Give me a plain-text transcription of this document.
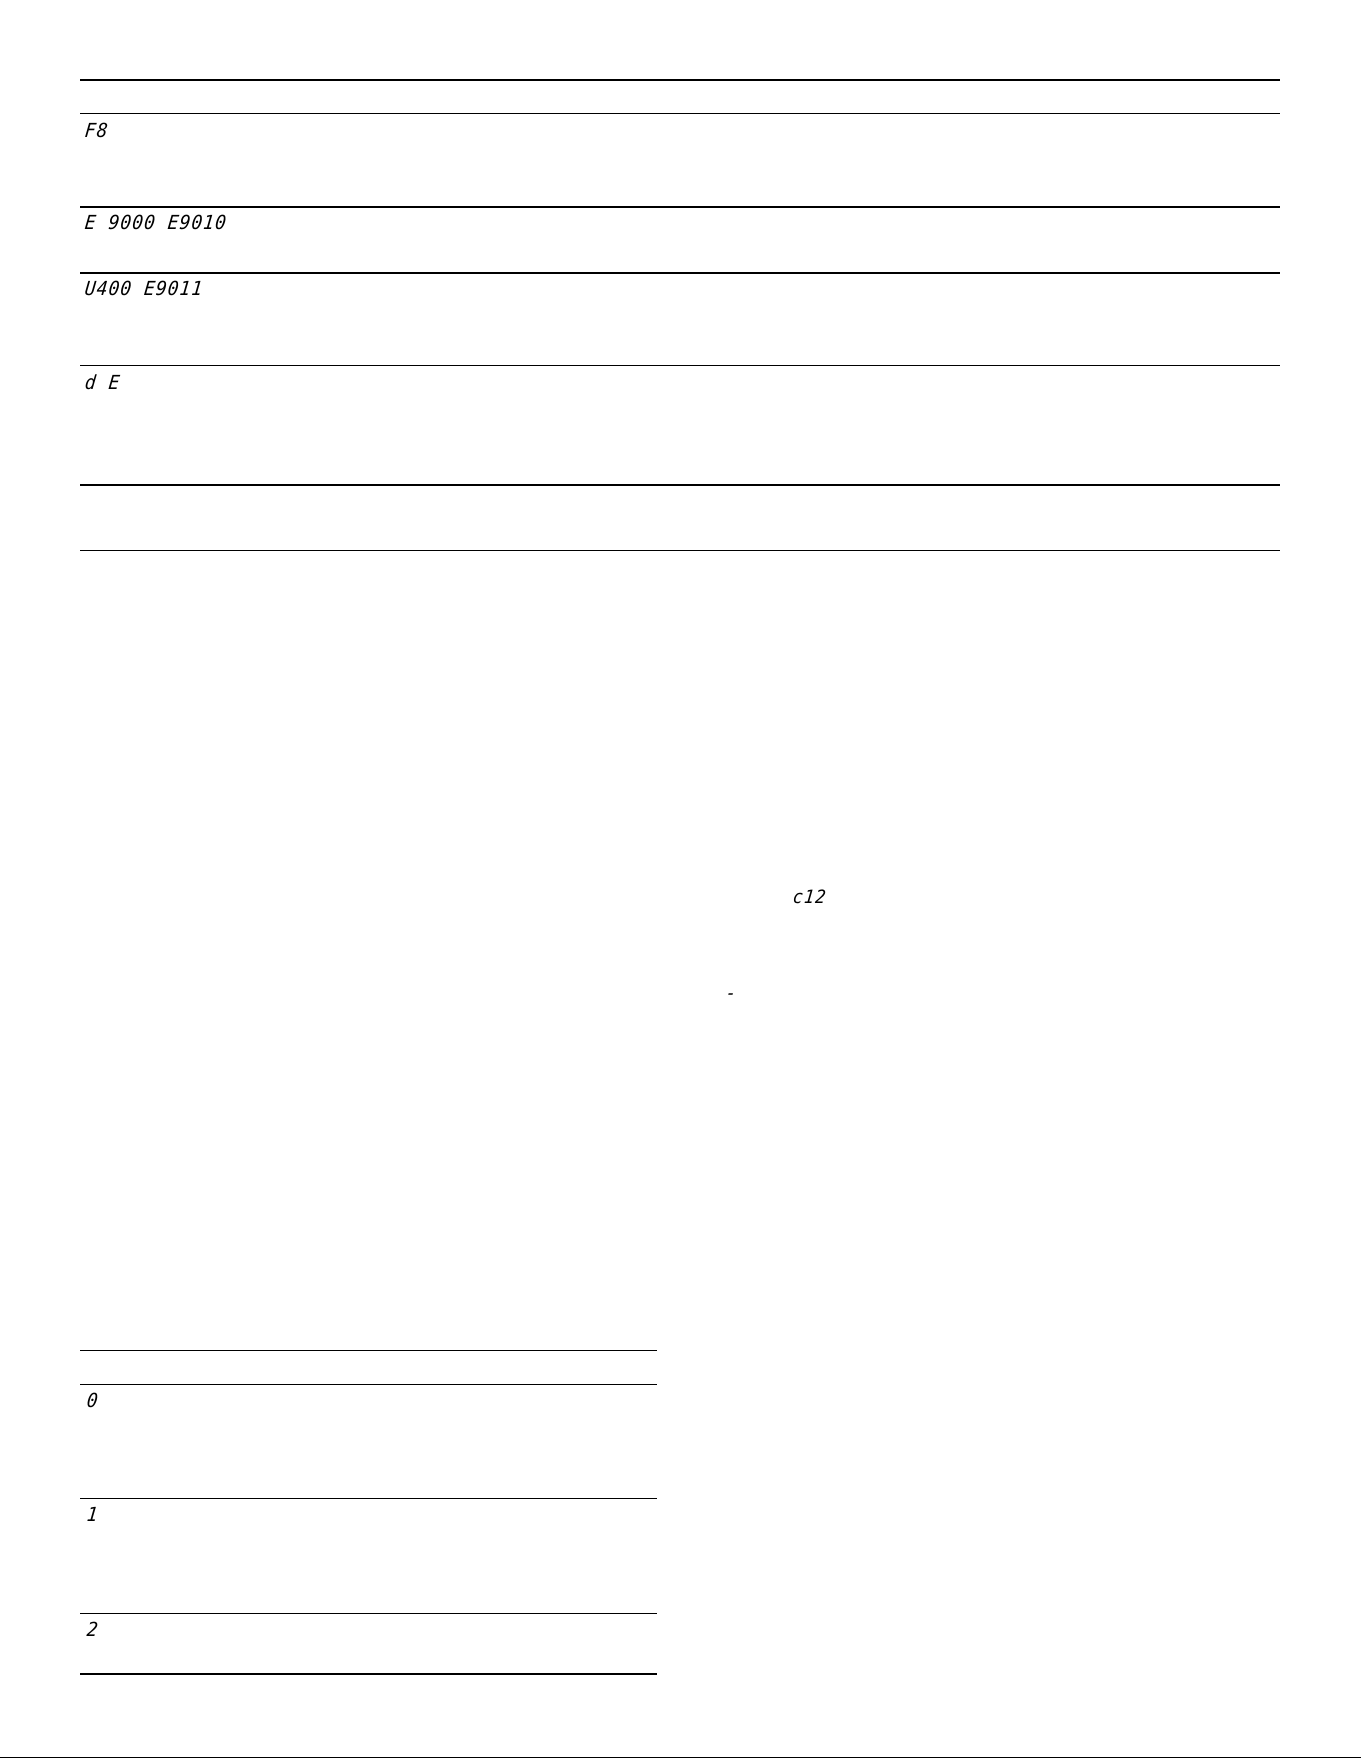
F8
E 9000 E9010
U400 E9011
d E
c12
-
0
1
2
